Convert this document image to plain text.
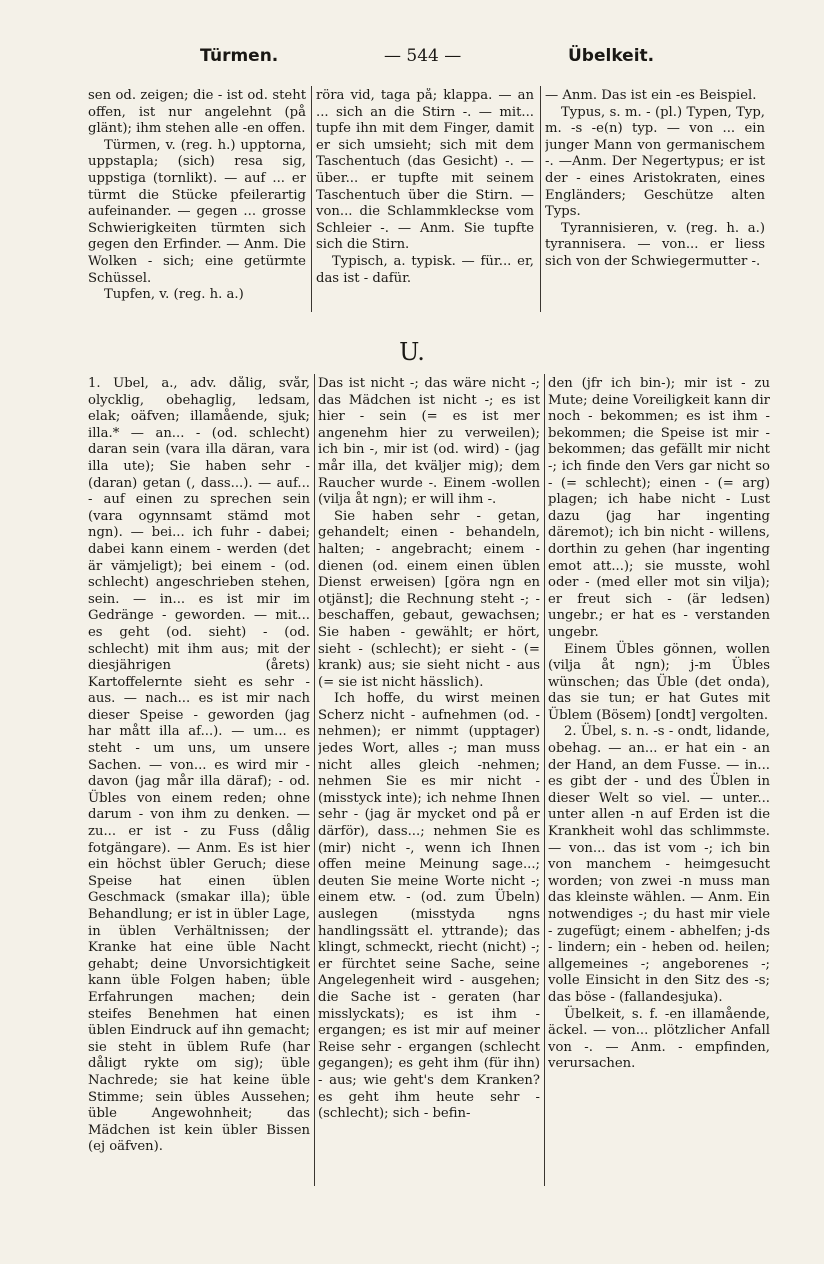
Türmen.	— 544 —	Übelkeit.

sen od. zeigen; die - ist od. steht offen, ist nur angelehnt (på glänt); ihm stehen alle -en offen.

Türmen, v. (reg. h.) upptorna, uppstapla; (sich) resa sig, uppstiga (tornlikt). — auf ... er türmt die Stücke pfeilerartig aufeinander. — gegen ... grosse Schwierigkeiten türmten sich gegen den Erfinder. — Anm. Die Wolken - sich; eine getürmte Schüssel.

Tupfen, v. (reg. h. a.)

röra vid, taga på; klappa. — an ... sich an die Stirn -. — mit... tupfe ihn mit dem Finger, damit er sich umsieht; sich mit dem Taschentuch (das Gesicht) -. — über... er tupfte mit seinem Taschentuch über die Stirn. — von... die Schlammkleckse vom Schleier -. — Anm. Sie tupfte sich die Stirn.

Typisch, a. typisk. — für... er, das ist - dafür.

— Anm. Das ist ein -es Beispiel.

Typus, s. m. - (pl.) Typen, Typ, m. -s -e(n) typ. — von ... ein junger Mann von germanischem -. —Anm. Der Negertypus; er ist der - eines Aristokraten, eines Engländers; Geschütze alten Typs.

Tyrannisieren, v. (reg. h. a.) tyrannisera. — von... er liess sich von der Schwiegermutter -.

U.

1. Übel, a., adv. dålig, svår, olycklig, obehaglig, ledsam, elak; oäfven; illamående, sjuk; illa.* — an... - (od. schlecht) daran sein (vara illa däran, vara illa ute); Sie haben sehr - (daran) getan (, dass...). — auf... - auf einen zu sprechen sein (vara ogynnsamt stämd mot ngn). — bei... ich fuhr - dabei; dabei kann einem - werden (det är vämjeligt); bei einem - (od. schlecht) angeschrieben stehen, sein. — in... es ist mir im Gedränge - geworden. — mit... es geht (od. sieht) - (od. schlecht) mit ihm aus; mit der diesjährigen (årets) Kartoffelernte sieht es sehr - aus. — nach... es ist mir nach dieser Speise - geworden (jag har mått illa af...). — um... es steht - um uns, um unsere Sachen. — von... es wird mir - davon (jag mår illa däraf); - od. Übles von einem reden; ohne darum - von ihm zu denken. — zu... er ist - zu Fuss (dålig fotgängare). — Anm. Es ist hier ein höchst übler Geruch; diese Speise hat einen üblen Geschmack (smakar illa); üble Behandlung; er ist in übler Lage, in üblen Verhältnissen; der Kranke hat eine üble Nacht gehabt; deine Unvorsichtigkeit kann üble Folgen haben; üble Erfahrungen machen; dein steifes Benehmen hat einen üblen Eindruck auf ihn gemacht; sie steht in üblem Rufe (har dåligt rykte om sig); üble Nachrede; sie hat keine üble Stimme; sein übles Aussehen; üble Angewohnheit; das Mädchen ist kein übler Bissen (ej oäfven).

Das ist nicht -; das wäre nicht -; das Mädchen ist nicht -; es ist hier - sein (= es ist mer angenehm hier zu verweilen); ich bin -, mir ist (od. wird) - (jag mår illa, det kväljer mig); dem Raucher wurde -. Einem -wollen (vilja åt ngn); er will ihm -.

Sie haben sehr - getan, gehandelt; einen - behandeln, halten; - angebracht; einem - dienen (od. einem einen üblen Dienst erweisen) [göra ngn en otjänst]; die Rechnung steht -; - beschaffen, gebaut, gewachsen; Sie haben - gewählt; er hört, sieht - (schlecht); er sieht - (= krank) aus; sie sieht nicht - aus (= sie ist nicht hässlich).

Ich hoffe, du wirst meinen Scherz nicht - aufnehmen (od. -nehmen); er nimmt (upptager) jedes Wort, alles -; man muss nicht alles gleich -nehmen; nehmen Sie es mir nicht - (misstyck inte); ich nehme Ihnen sehr - (jag är mycket ond på er därför), dass...; nehmen Sie es (mir) nicht -, wenn ich Ihnen offen meine Meinung sage...; deuten Sie meine Worte nicht -; einem etw. - (od. zum Übeln) auslegen (misstyda ngns handlingssätt el. yttrande); das klingt, schmeckt, riecht (nicht) -; er fürchtet seine Sache, seine Angelegenheit wird - ausgehen; die Sache ist - geraten (har misslyckats); es ist ihm - ergangen; es ist mir auf meiner Reise sehr - ergangen (schlecht gegangen); es geht ihm (für ihn) - aus; wie geht's dem Kranken? es geht ihm heute sehr - (schlecht); sich - befin-

den (jfr ich bin-); mir ist - zu Mute; deine Voreiligkeit kann dir noch - bekommen; es ist ihm - bekommen; die Speise ist mir - bekommen; das gefällt mir nicht -; ich finde den Vers gar nicht so - (= schlecht); einen - (= arg) plagen; ich habe nicht - Lust dazu (jag har ingenting däremot); ich bin nicht - willens, dorthin zu gehen (har ingenting emot att...); sie musste, wohl oder - (med eller mot sin vilja); er freut sich - (är ledsen) ungebr.; er hat es - verstanden ungebr.

Einem Übles gönnen, wollen (vilja åt ngn); j-m Übles wünschen; das Üble (det onda), das sie tun; er hat Gutes mit Üblem (Bösem) [ondt] vergolten.

2. Übel, s. n. -s - ondt, lidande, obehag. — an... er hat ein - an der Hand, an dem Fusse. — in... es gibt der - und des Üblen in dieser Welt so viel. — unter... unter allen -n auf Erden ist die Krankheit wohl das schlimmste. — von... das ist vom -; ich bin von manchem - heimgesucht worden; von zwei -n muss man das kleinste wählen. — Anm. Ein notwendiges -; du hast mir viele - zugefügt; einem - abhelfen; j-ds - lindern; ein - heben od. heilen; allgemeines -; angeborenes -; volle Einsicht in den Sitz des -s; das böse - (fallandesjuka).

Übelkeit, s. f. -en illamående, äckel. — von... plötzlicher Anfall von -. — Anm. - empfinden, verursachen.
